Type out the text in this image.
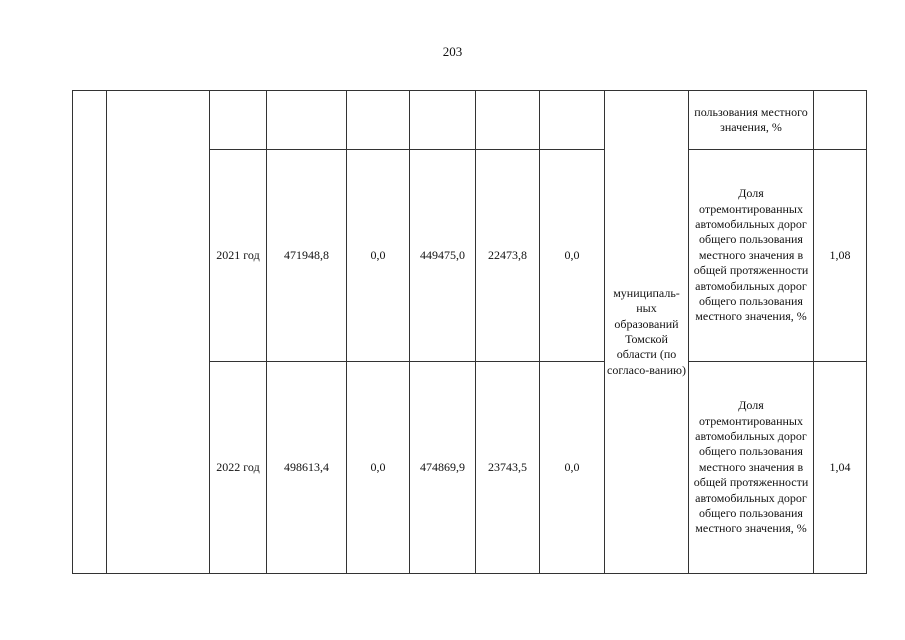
203
								муниципаль-ных образований Томской области (по согласо-ванию)	пользования местного значения, %	
		2021 год	471948,8	0,0	449475,0	22473,8	0,0		Доля отремонтированных автомобильных дорог общего пользования местного значения в общей протяженности автомобильных дорог общего пользования местного значения, %	1,08
		2022 год	498613,4	0,0	474869,9	23743,5	0,0		Доля отремонтированных автомобильных дорог общего пользования местного значения в общей протяженности автомобильных дорог общего пользования местного значения, %	1,04
